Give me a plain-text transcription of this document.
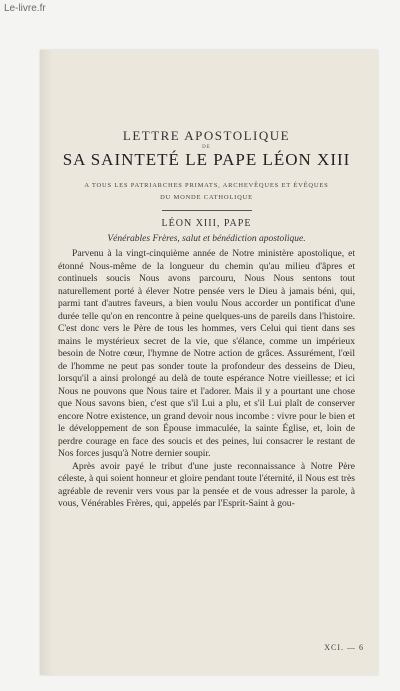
Le-livre.fr
LETTRE APOSTOLIQUE
DE
SA SAINTETÉ LE PAPE LÉON XIII
A TOUS LES PATRIARCHES PRIMATS, ARCHEVÊQUES ET ÉVÊQUES
DU MONDE CATHOLIQUE
LÉON XIII, PAPE
Vénérables Frères, salut et bénédiction apostolique.

Parvenu à la vingt-cinquième année de Notre ministère apostolique, et étonné Nous-même de la longueur du chemin qu'au milieu d'âpres et continuels soucis Nous avons parcouru, Nous Nous sentons tout naturellement porté à élever Notre pensée vers le Dieu à jamais béni, qui, parmi tant d'autres faveurs, a bien voulu Nous accorder un pontificat d'une durée telle qu'on en rencontre à peine quelques-uns de pareils dans l'histoire. C'est donc vers le Père de tous les hommes, vers Celui qui tient dans ses mains le mystérieux secret de la vie, que s'élance, comme un impérieux besoin de Notre cœur, l'hymne de Notre action de grâces. Assurément, l'œil de l'homme ne peut pas sonder toute la profondeur des desseins de Dieu, lorsqu'il a ainsi prolongé au delà de toute espérance Notre vieillesse; et ici Nous ne pouvons que Nous taire et l'adorer. Mais il y a pourtant une chose que Nous savons bien, c'est que s'il Lui a plu, et s'il Lui plaît de conserver encore Notre existence, un grand devoir nous incombe : vivre pour le bien et le développement de son Épouse immaculée, la sainte Église, et, loin de perdre courage en face des soucis et des peines, lui consacrer le restant de Nos forces jusqu'à Notre dernier soupir.

Après avoir payé le tribut d'une juste reconnaissance à Notre Père céleste, à qui soient honneur et gloire pendant toute l'éternité, il Nous est très agréable de revenir vers vous par la pensée et de vous adresser la parole, à vous, Vénérables Frères, qui, appelés par l'Esprit-Saint à gou-

XCI. — 6
